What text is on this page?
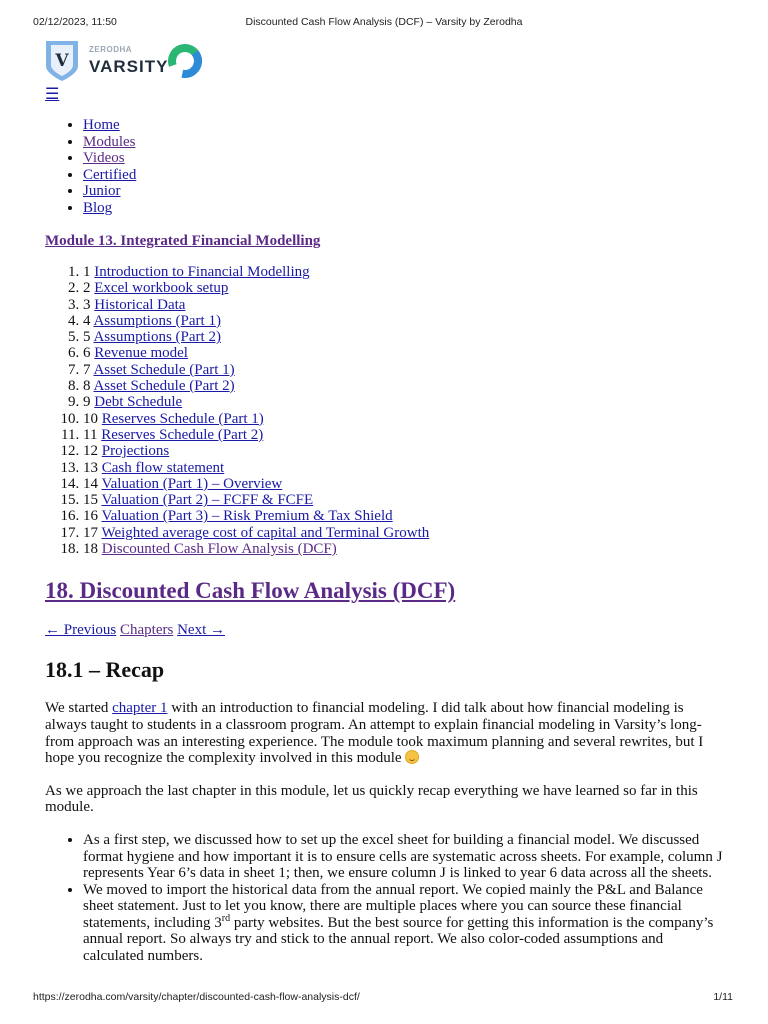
02/12/2023, 11:50	Discounted Cash Flow Analysis (DCF) – Varsity by Zerodha
V
ZERODHA
VARSITY
☰
• Home
• Modules
• Videos
• Certified
• Junior
• Blog
Module 13. Integrated Financial Modelling
1. 1 Introduction to Financial Modelling
2. 2 Excel workbook setup
3. 3 Historical Data
4. 4 Assumptions (Part 1)
5. 5 Assumptions (Part 2)
6. 6 Revenue model
7. 7 Asset Schedule (Part 1)
8. 8 Asset Schedule (Part 2)
9. 9 Debt Schedule
10. 10 Reserves Schedule (Part 1)
11. 11 Reserves Schedule (Part 2)
12. 12 Projections
13. 13 Cash flow statement
14. 14 Valuation (Part 1) – Overview
15. 15 Valuation (Part 2) – FCFF & FCFE
16. 16 Valuation (Part 3) – Risk Premium & Tax Shield
17. 17 Weighted average cost of capital and Terminal Growth
18. 18 Discounted Cash Flow Analysis (DCF)
18. Discounted Cash Flow Analysis (DCF)
← Previous Chapters Next →
18.1 – Recap

We started chapter 1 with an introduction to financial modeling. I did talk about how financial modeling is always taught to students in a classroom program. An attempt to explain financial modeling in Varsity’s long-from approach was an interesting experience. The module took maximum planning and several rewrites, but I hope you recognize the complexity involved in this module

As we approach the last chapter in this module, let us quickly recap everything we have learned so far in this module.

• As a first step, we discussed how to set up the excel sheet for building a financial model. We discussed format hygiene and how important it is to ensure cells are systematic across sheets. For example, column J represents Year 6’s data in sheet 1; then, we ensure column J is linked to year 6 data across all the sheets.
• We moved to import the historical data from the annual report. We copied mainly the P&L and Balance sheet statement. Just to let you know, there are multiple places where you can source these financial statements, including 3rd party websites. But the best source for getting this information is the company’s annual report. So always try and stick to the annual report. We also color-coded assumptions and calculated numbers.
https://zerodha.com/varsity/chapter/discounted-cash-flow-analysis-dcf/	1/11
